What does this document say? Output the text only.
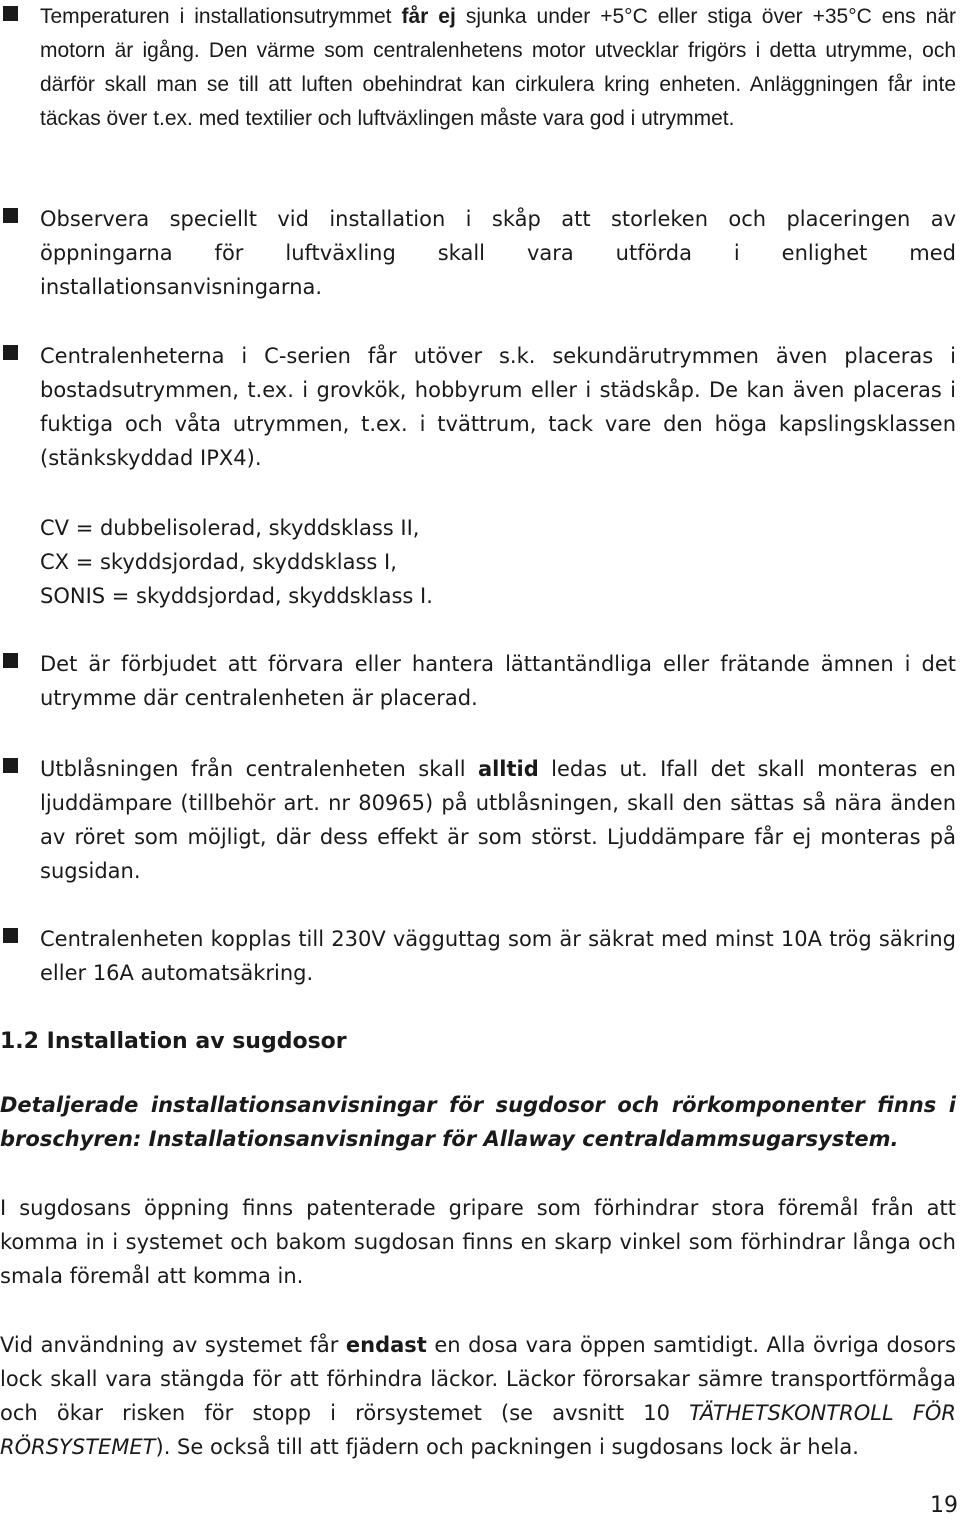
Temperaturen i installationsutrymmet får ej sjunka under +5°C eller stiga över +35°C ens när motorn är igång. Den värme som centralenhetens motor utvecklar frigörs i detta utrymme, och därför skall man se till att luften obehindrat kan cirkulera kring enheten. Anläggningen får inte täckas över t.ex. med textilier och luftväxlingen måste vara god i utrymmet.
Observera speciellt vid installation i skåp att storleken och placeringen av öppningarna för luftväxling skall vara utförda i enlighet med installationsanvisningarna.
Centralenheterna i C-serien får utöver s.k. sekundärutrymmen även placeras i bostadsutrymmen, t.ex. i grovkök, hobbyrum eller i städskåp. De kan även placeras i fuktiga och våta utrymmen, t.ex. i tvättrum, tack vare den höga kapslingsklassen (stänkskyddad IPX4).
CV = dubbelisolerad, skyddsklass II,
CX = skyddsjordad, skyddsklass I,
SONIS = skyddsjordad, skyddsklass I.
Det är förbjudet att förvara eller hantera lättantändliga eller frätande ämnen i det utrymme där centralenheten är placerad.
Utblåsningen från centralenheten skall alltid ledas ut. Ifall det skall monteras en ljuddämpare (tillbehör art. nr 80965) på utblåsningen, skall den sättas så nära änden av röret som möjligt, där dess effekt är som störst. Ljuddämpare får ej monteras på sugsidan.
Centralenheten kopplas till 230V vägguttag som är säkrat med minst 10A trög säkring eller 16A automatsäkring.
1.2 Installation av sugdosor
Detaljerade installationsanvisningar för sugdosor och rörkomponenter finns i broschyren: Installationsanvisningar för Allaway centraldammsugarsystem.
I sugdosans öppning finns patenterade gripare som förhindrar stora föremål från att komma in i systemet och bakom sugdosan finns en skarp vinkel som förhindrar långa och smala föremål att komma in.
Vid användning av systemet får endast en dosa vara öppen samtidigt. Alla övriga dosors lock skall vara stängda för att förhindra läckor. Läckor förorsakar sämre transportförmåga och ökar risken för stopp i rörsystemet (se avsnitt 10 TÄTHETSKONTROLL FÖR RÖRSYSTEMET). Se också till att fjädern och packningen i sugdosans lock är hela.
19
